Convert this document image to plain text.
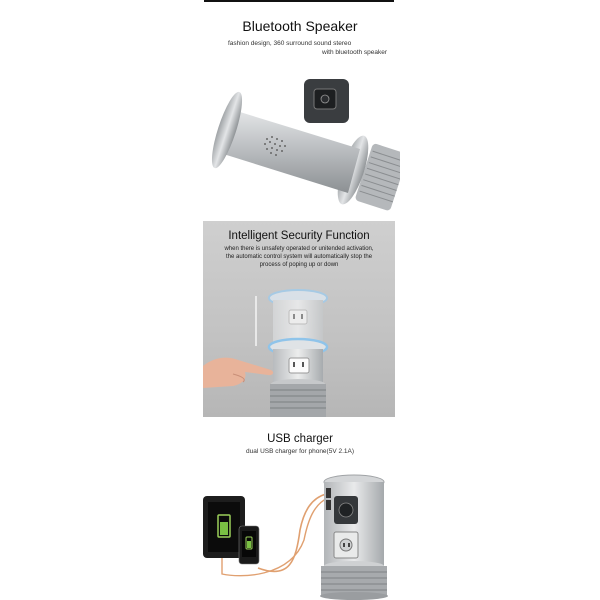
Bluetooth Speaker
fashion design, 360 surround sound stereo
with bluetooth speaker
Intelligent Security Function
when there is unsafety operated or unitended activation,
the automatic control system will automatically stop the
process of poping up or down
USB charger
dual USB charger for phone(5V 2.1A)
